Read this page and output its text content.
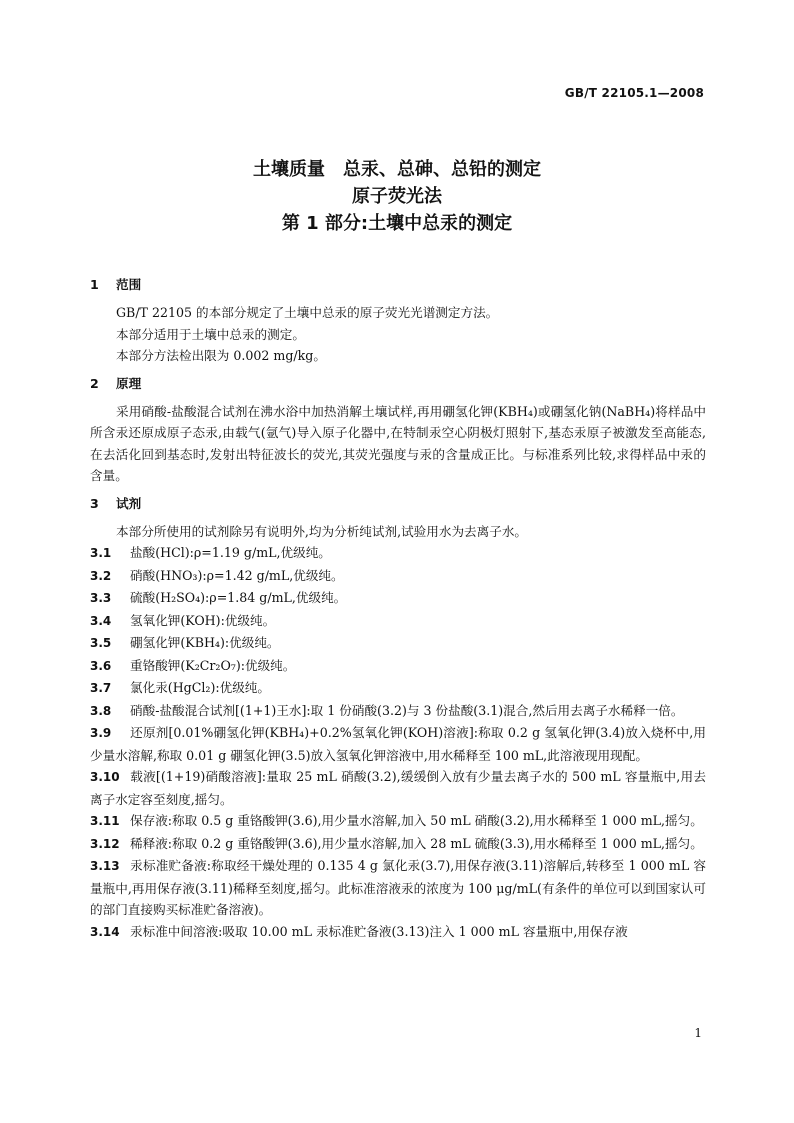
GB/T 22105.1—2008
土壤质量　总汞、总砷、总铅的测定
原子荧光法
第 1 部分:土壤中总汞的测定
1 范围

GB/T 22105 的本部分规定了土壤中总汞的原子荧光光谱测定方法。

本部分适用于土壤中总汞的测定。

本部分方法检出限为 0.002 mg/kg。

2 原理

采用硝酸-盐酸混合试剂在沸水浴中加热消解土壤试样,再用硼氢化钾(KBH₄)或硼氢化钠(NaBH₄)将样品中所含汞还原成原子态汞,由载气(氩气)导入原子化器中,在特制汞空心阴极灯照射下,基态汞原子被激发至高能态,在去活化回到基态时,发射出特征波长的荧光,其荧光强度与汞的含量成正比。与标准系列比较,求得样品中汞的含量。

3 试剂

本部分所使用的试剂除另有说明外,均为分析纯试剂,试验用水为去离子水。

3.1 盐酸(HCl):ρ=1.19 g/mL,优级纯。

3.2 硝酸(HNO₃):ρ=1.42 g/mL,优级纯。

3.3 硫酸(H₂SO₄):ρ=1.84 g/mL,优级纯。

3.4 氢氧化钾(KOH):优级纯。

3.5 硼氢化钾(KBH₄):优级纯。

3.6 重铬酸钾(K₂Cr₂O₇):优级纯。

3.7 氯化汞(HgCl₂):优级纯。

3.8 硝酸-盐酸混合试剂[(1+1)王水]:取 1 份硝酸(3.2)与 3 份盐酸(3.1)混合,然后用去离子水稀释一倍。

3.9 还原剂[0.01%硼氢化钾(KBH₄)+0.2%氢氧化钾(KOH)溶液]:称取 0.2 g 氢氧化钾(3.4)放入烧杯中,用少量水溶解,称取 0.01 g 硼氢化钾(3.5)放入氢氧化钾溶液中,用水稀释至 100 mL,此溶液现用现配。

3.10 载液[(1+19)硝酸溶液]:量取 25 mL 硝酸(3.2),缓缓倒入放有少量去离子水的 500 mL 容量瓶中,用去离子水定容至刻度,摇匀。

3.11 保存液:称取 0.5 g 重铬酸钾(3.6),用少量水溶解,加入 50 mL 硝酸(3.2),用水稀释至 1 000 mL,摇匀。

3.12 稀释液:称取 0.2 g 重铬酸钾(3.6),用少量水溶解,加入 28 mL 硫酸(3.3),用水稀释至 1 000 mL,摇匀。

3.13 汞标准贮备液:称取经干燥处理的 0.135 4 g 氯化汞(3.7),用保存液(3.11)溶解后,转移至 1 000 mL 容量瓶中,再用保存液(3.11)稀释至刻度,摇匀。此标准溶液汞的浓度为 100 μg/mL(有条件的单位可以到国家认可的部门直接购买标准贮备溶液)。

3.14 汞标准中间溶液:吸取 10.00 mL 汞标准贮备液(3.13)注入 1 000 mL 容量瓶中,用保存液

1
